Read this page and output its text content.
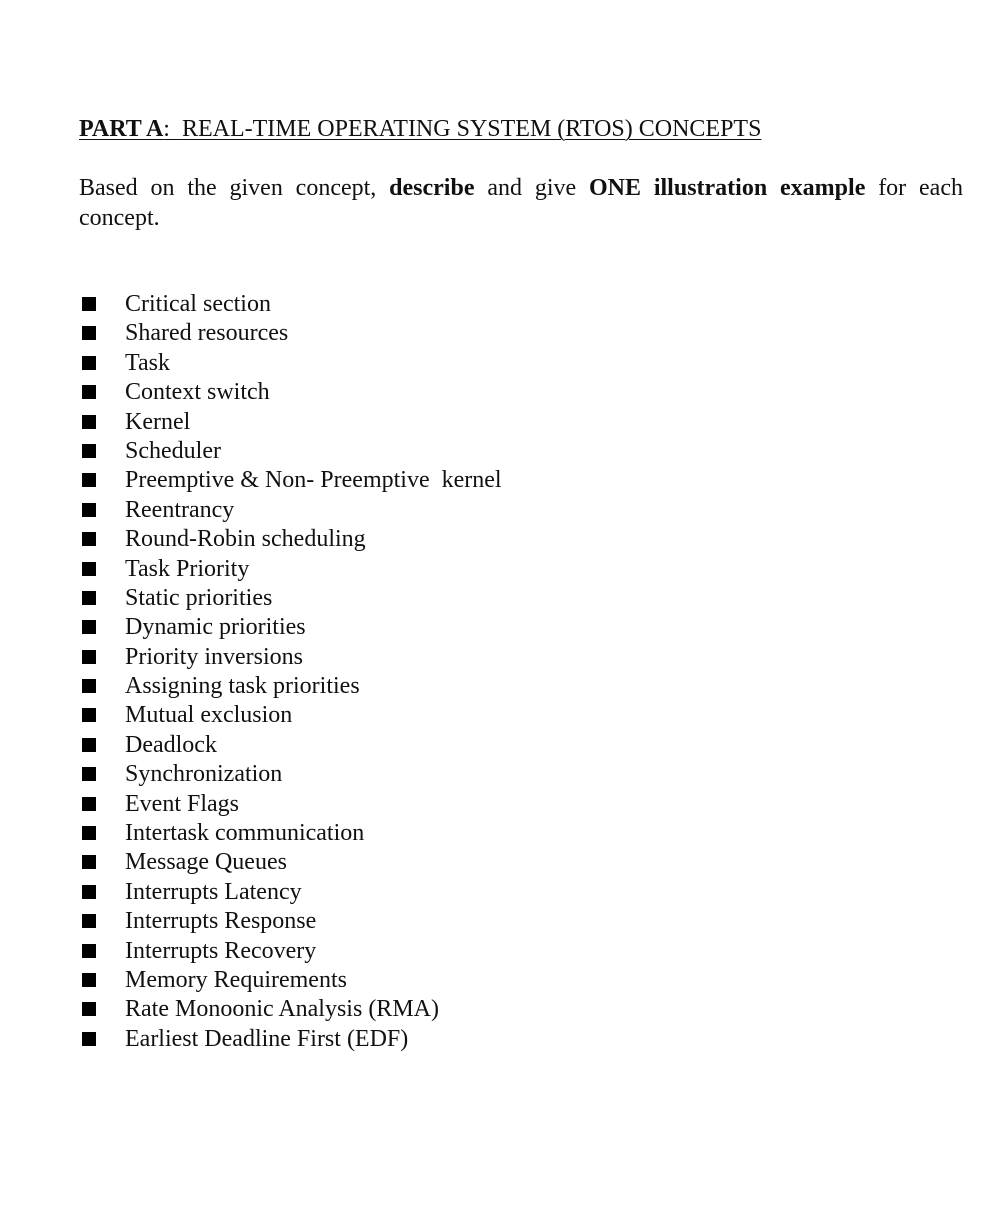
PART A:  REAL-TIME OPERATING SYSTEM (RTOS) CONCEPTS
Based on the given concept, describe and give ONE illustration example for each concept.
Critical section
Shared resources
Task
Context switch
Kernel
Scheduler
Preemptive & Non- Preemptive  kernel
Reentrancy
Round-Robin scheduling
Task Priority
Static priorities
Dynamic priorities
Priority inversions
Assigning task priorities
Mutual exclusion
Deadlock
Synchronization
Event Flags
Intertask communication
Message Queues
Interrupts Latency
Interrupts Response
Interrupts Recovery
Memory Requirements
Rate Monoonic Analysis (RMA)
Earliest Deadline First (EDF)
